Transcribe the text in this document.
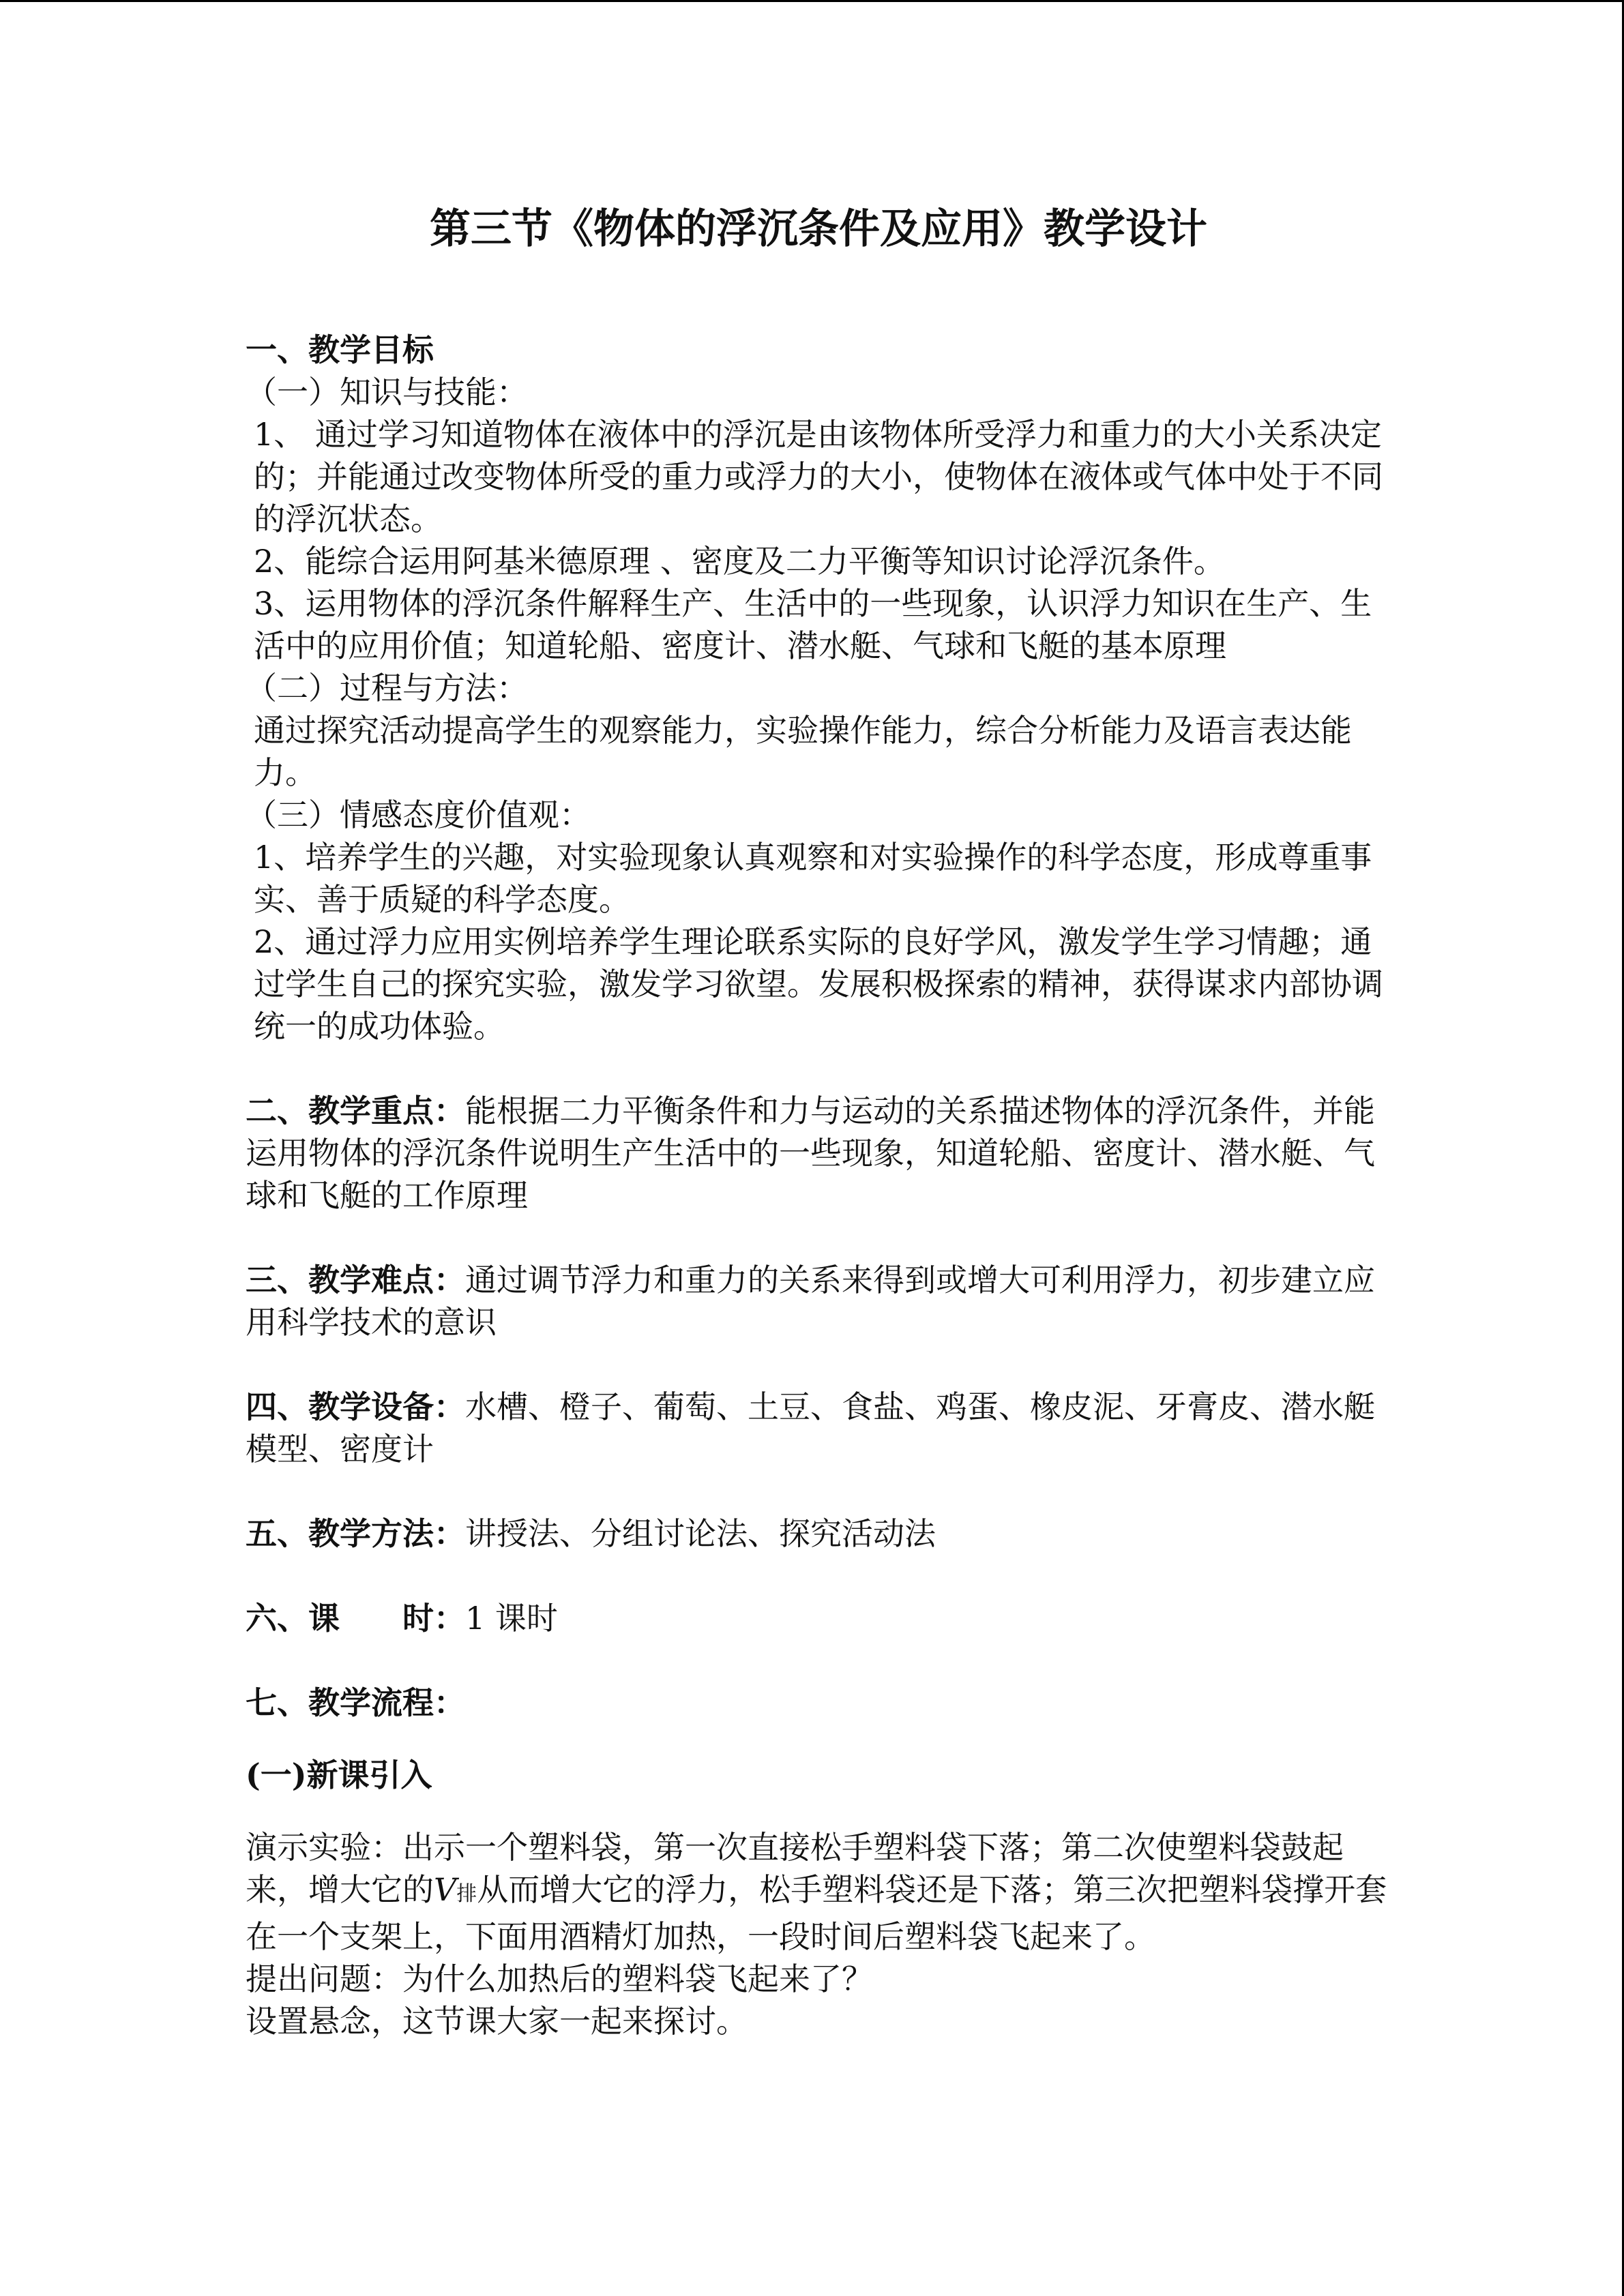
第三节《物体的浮沉条件及应用》教学设计

一、教学目标

（一）知识与技能：

1、 通过学习知道物体在液体中的浮沉是由该物体所受浮力和重力的大小关系决定的；并能通过改变物体所受的重力或浮力的大小，使物体在液体或气体中处于不同的浮沉状态。

2、能综合运用阿基米德原理 、密度及二力平衡等知识讨论浮沉条件。

3、运用物体的浮沉条件解释生产、生活中的一些现象，认识浮力知识在生产、生活中的应用价值；知道轮船、密度计、潜水艇、气球和飞艇的基本原理

（二）过程与方法：

通过探究活动提高学生的观察能力，实验操作能力，综合分析能力及语言表达能力。

（三）情感态度价值观：

1、培养学生的兴趣，对实验现象认真观察和对实验操作的科学态度，形成尊重事实、善于质疑的科学态度。

2、通过浮力应用实例培养学生理论联系实际的良好学风，激发学生学习情趣；通过学生自己的探究实验，激发学习欲望。发展积极探索的精神，获得谋求内部协调统一的成功体验。

二、教学重点：能根据二力平衡条件和力与运动的关系描述物体的浮沉条件，并能运用物体的浮沉条件说明生产生活中的一些现象，知道轮船、密度计、潜水艇、气球和飞艇的工作原理

三、教学难点：通过调节浮力和重力的关系来得到或增大可利用浮力，初步建立应用科学技术的意识

四、教学设备：水槽、橙子、葡萄、土豆、食盐、鸡蛋、橡皮泥、牙膏皮、潜水艇模型、密度计

五、教学方法：讲授法、分组讨论法、探究活动法

六、课　　时：1 课时

七、教学流程：

(一)新课引入

演示实验：出示一个塑料袋，第一次直接松手塑料袋下落；第二次使塑料袋鼓起来，增大它的V排从而增大它的浮力，松手塑料袋还是下落；第三次把塑料袋撑开套在一个支架上，下面用酒精灯加热，一段时间后塑料袋飞起来了。

提出问题：为什么加热后的塑料袋飞起来了？

设置悬念，这节课大家一起来探讨。
